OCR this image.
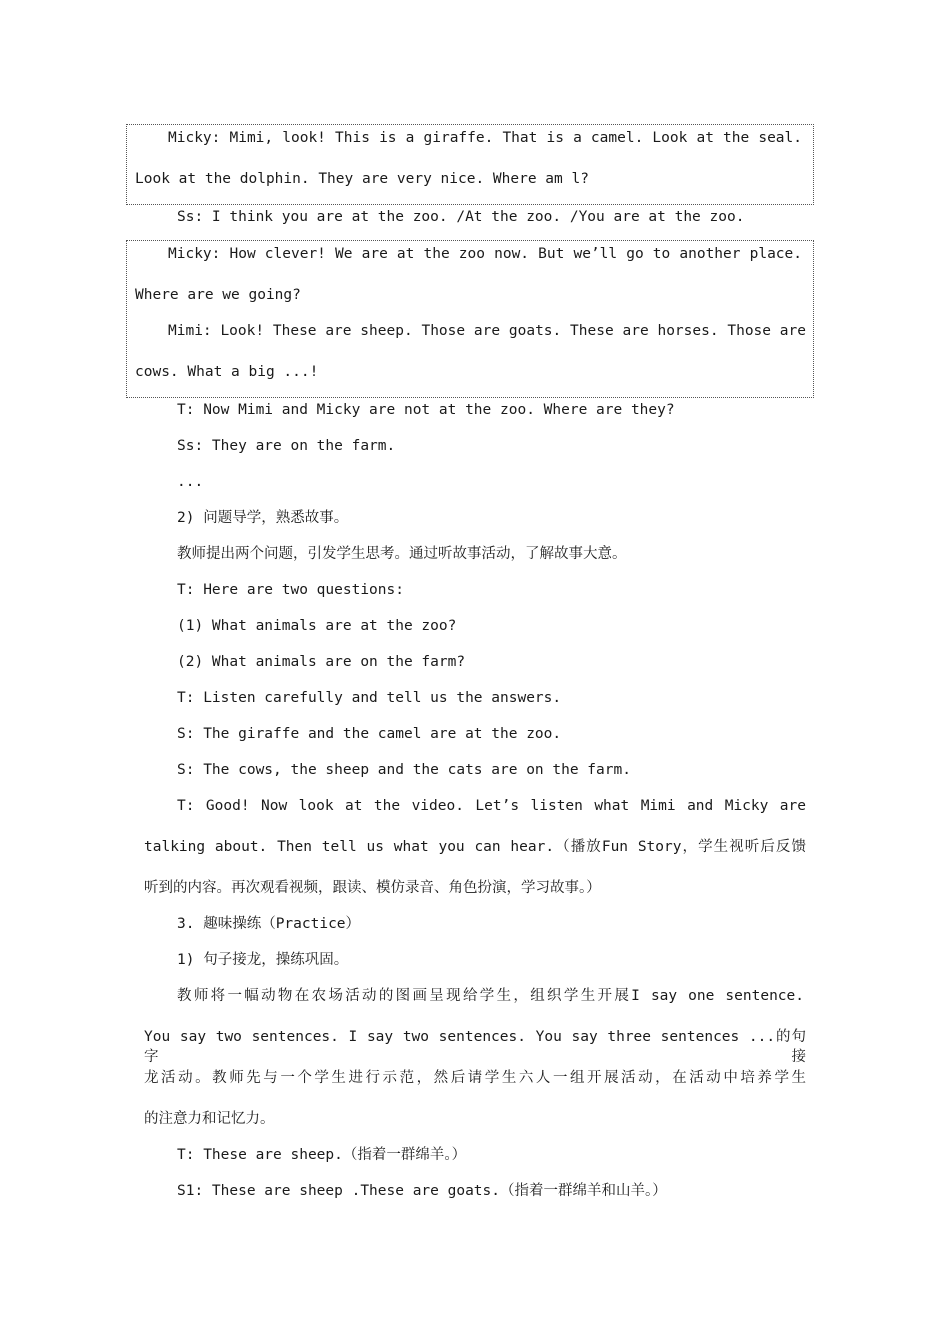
Micky: Mimi, look! This is a giraffe. That is a camel. Look at the seal.
Look at the dolphin. They are very nice. Where am l?
Ss: I think you are at the zoo. /At the zoo. /You are at the zoo.
Micky: How clever! We are at the zoo now. But we’ll go to another place.
Where are we going?
Mimi: Look! These are sheep. Those are goats. These are horses. Those are
cows. What a big ...!
T: Now Mimi and Micky are not at the zoo. Where are they?
Ss: They are on the farm.
...
2) 问题导学，熟悉故事。
教师提出两个问题，引发学生思考。通过听故事活动，了解故事大意。
T: Here are two questions:
(1) What animals are at the zoo?
(2) What animals are on the farm?
T: Listen carefully and tell us the answers.
S: The giraffe and the camel are at the zoo.
S: The cows, the sheep and the cats are on the farm.
T: Good! Now look at the video. Let’s listen what Mimi and Micky are
talking about. Then tell us what you can hear.（播放Fun Story，学生视听后反馈
听到的内容。再次观看视频，跟读、模仿录音、角色扮演，学习故事。）
3. 趣味操练（Practice）
1) 句子接龙，操练巩固。
教师将一幅动物在农场活动的图画呈现给学生，组织学生开展I say one sentence.
You say two sentences. I say two sentences. You say three sentences ...的句字接
龙活动。教师先与一个学生进行示范，然后请学生六人一组开展活动，在活动中培养学生
的注意力和记忆力。
T: These are sheep.（指着一群绵羊。）
S1: These are sheep .These are goats.（指着一群绵羊和山羊。）
